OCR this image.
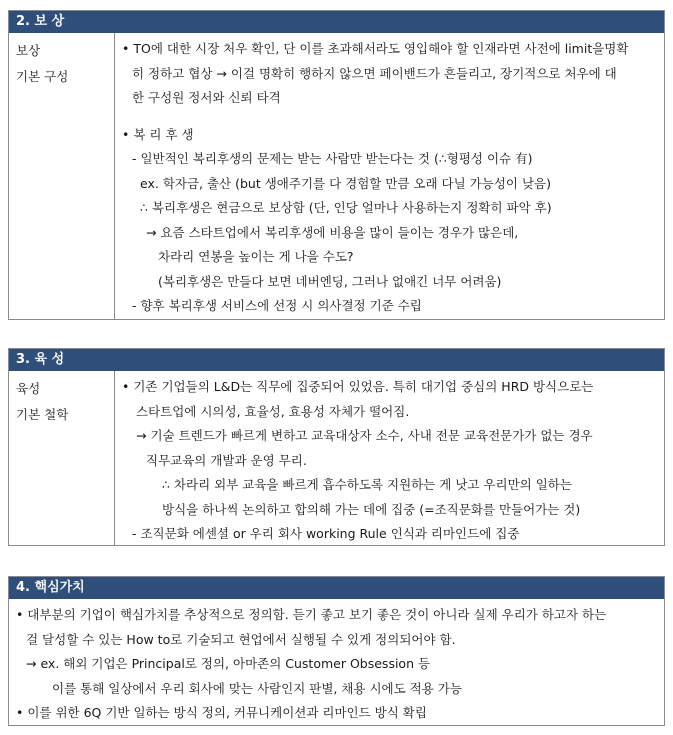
2. 보 상
보상
기본 구성
• TO에 대한 시장 처우 확인, 단 이를 초과해서라도 영입해야 할 인재라면 사전에 limit을명확
히 정하고 협상 → 이걸 명확히 행하지 않으면 페이밴드가 흔들리고, 장기적으로 처우에 대
한 구성원 정서와 신뢰 타격
• 복 리 후 생
- 일반적인 복리후생의 문제는 받는 사람만 받는다는 것 (∴형평성 이슈 有)
ex. 학자금, 출산 (but 생애주기를 다 경험할 만큼 오래 다닐 가능성이 낮음)
∴ 복리후생은 현금으로 보상함 (단, 인당 얼마나 사용하는지 정확히 파악 후)
→ 요즘 스타트업에서 복리후생에 비용을 많이 들이는 경우가 많은데,
차라리 연봉을 높이는 게 나을 수도?
(복리후생은 만들다 보면 네버엔딩, 그러나 없애긴 너무 어려움)
- 향후 복리후생 서비스에 선정 시 의사결정 기준 수립
3. 육 성
육성
기본 철학
• 기존 기업들의 L&D는 직무에 집중되어 있었음. 특히 대기업 중심의 HRD 방식으로는
스타트업에 시의성, 효율성, 효용성 자체가 떨어짐.
→ 기술 트렌드가 빠르게 변하고 교육대상자 소수, 사내 전문 교육전문가가 없는 경우
직무교육의 개발과 운영 무리.
∴ 차라리 외부 교육을 빠르게 흡수하도록 지원하는 게 낫고 우리만의 일하는
방식을 하나씩 논의하고 합의해 가는 데에 집중 (=조직문화를 만들어가는 것)
- 조직문화 에센셜 or 우리 회사 working Rule 인식과 리마인드에 집중
4. 핵심가치
• 대부분의 기업이 핵심가치를 추상적으로 정의함. 듣기 좋고 보기 좋은 것이 아니라 실제 우리가 하고자 하는
걸 달성할 수 있는 How to로 기술되고 현업에서 실행될 수 있게 정의되어야 함.
→ ex. 해외 기업은 Principal로 정의, 아마존의 Customer Obsession 등
이를 통해 일상에서 우리 회사에 맞는 사람인지 판별, 채용 시에도 적용 가능
• 이를 위한 6Q 기반 일하는 방식 정의, 커뮤니케이션과 리마인드 방식 확립
